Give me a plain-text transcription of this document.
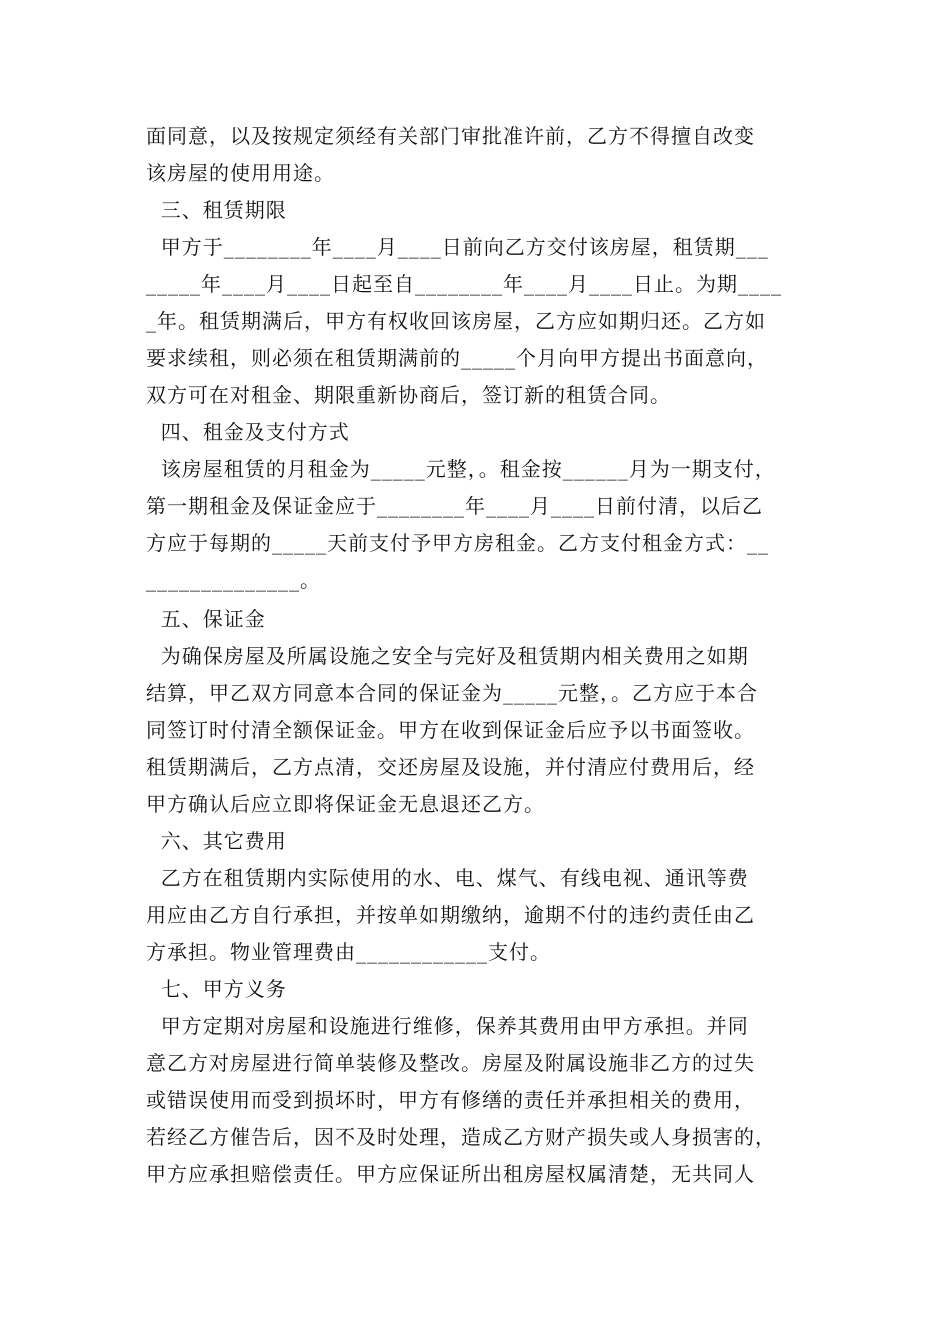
面同意，以及按规定须经有关部门审批准许前，乙方不得擅自改变
该房屋的使用用途。
三、租赁期限
甲方于________年____月____日前向乙方交付该房屋，租赁期___
_____年____月____日起至自________年____月____日止。为期____
_年。租赁期满后，甲方有权收回该房屋，乙方应如期归还。乙方如
要求续租，则必须在租赁期满前的_____个月向甲方提出书面意向，
双方可在对租金、期限重新协商后，签订新的租赁合同。
四、租金及支付方式
该房屋租赁的月租金为_____元整，。租金按______月为一期支付，
第一期租金及保证金应于________年____月____日前付清，以后乙
方应于每期的_____天前支付予甲方房租金。乙方支付租金方式：__
______________。
五、保证金
为确保房屋及所属设施之安全与完好及租赁期内相关费用之如期
结算，甲乙双方同意本合同的保证金为_____元整，。乙方应于本合
同签订时付清全额保证金。甲方在收到保证金后应予以书面签收。
租赁期满后，乙方点清，交还房屋及设施，并付清应付费用后，经
甲方确认后应立即将保证金无息退还乙方。
六、其它费用
乙方在租赁期内实际使用的水、电、煤气、有线电视、通讯等费
用应由乙方自行承担，并按单如期缴纳，逾期不付的违约责任由乙
方承担。物业管理费由____________支付。
七、甲方义务
甲方定期对房屋和设施进行维修，保养其费用由甲方承担。并同
意乙方对房屋进行简单装修及整改。房屋及附属设施非乙方的过失
或错误使用而受到损坏时，甲方有修缮的责任并承担相关的费用，
若经乙方催告后，因不及时处理，造成乙方财产损失或人身损害的，
甲方应承担赔偿责任。甲方应保证所出租房屋权属清楚，无共同人
